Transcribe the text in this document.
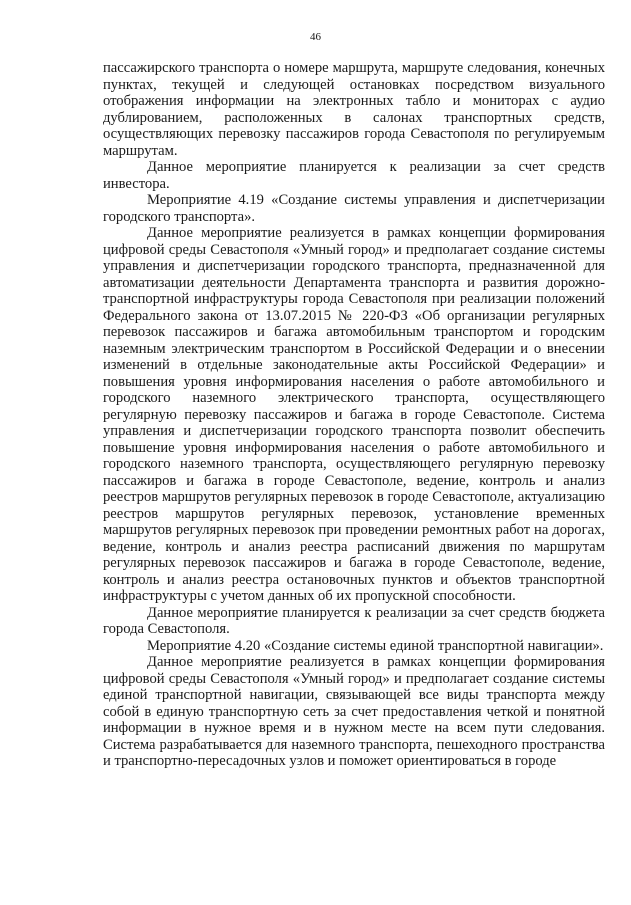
46

пассажирского транспорта о номере маршрута, маршруте следования, конечных пунктах, текущей и следующей остановках посредством визуального отображения информации на электронных табло и мониторах с аудио дублированием, расположенных в салонах транспортных средств, осуществляющих перевозку пассажиров города Севастополя по регулируемым маршрутам.

Данное мероприятие планируется к реализации за счет средств инвестора.

Мероприятие 4.19 «Создание системы управления и диспетчеризации городского транспорта».

Данное мероприятие реализуется в рамках концепции формирования цифровой среды Севастополя «Умный город» и предполагает создание системы управления и диспетчеризации городского транспорта, предназначенной для автоматизации деятельности Департамента транспорта и развития дорожно-транспортной инфраструктуры города Севастополя при реализации положений Федерального закона от 13.07.2015 № 220-ФЗ «Об организации регулярных перевозок пассажиров и багажа автомобильным транспортом и городским наземным электрическим транспортом в Российской Федерации и о внесении изменений в отдельные законодательные акты Российской Федерации» и повышения уровня информирования населения о работе автомобильного и городского наземного электрического транспорта, осуществляющего регулярную перевозку пассажиров и багажа в городе Севастополе. Система управления и диспетчеризации городского транспорта позволит обеспечить повышение уровня информирования населения о работе автомобильного и городского наземного транспорта, осуществляющего регулярную перевозку пассажиров и багажа в городе Севастополе, ведение, контроль и анализ реестров маршрутов регулярных перевозок в городе Севастополе, актуализацию реестров маршрутов регулярных перевозок, установление временных маршрутов регулярных перевозок при проведении ремонтных работ на дорогах, ведение, контроль и анализ реестра расписаний движения по маршрутам регулярных перевозок пассажиров и багажа в городе Севастополе, ведение, контроль и анализ реестра остановочных пунктов и объектов транспортной инфраструктуры с учетом данных об их пропускной способности.

Данное мероприятие планируется к реализации за счет средств бюджета города Севастополя.

Мероприятие 4.20 «Создание системы единой транспортной навигации».

Данное мероприятие реализуется в рамках концепции формирования цифровой среды Севастополя «Умный город» и предполагает создание системы единой транспортной навигации, связывающей все виды транспорта между собой в единую транспортную сеть за счет предоставления четкой и понятной информации в нужное время и в нужном месте на всем пути следования. Система разрабатывается для наземного транспорта, пешеходного пространства и транспортно-пересадочных узлов и поможет ориентироваться в городе
